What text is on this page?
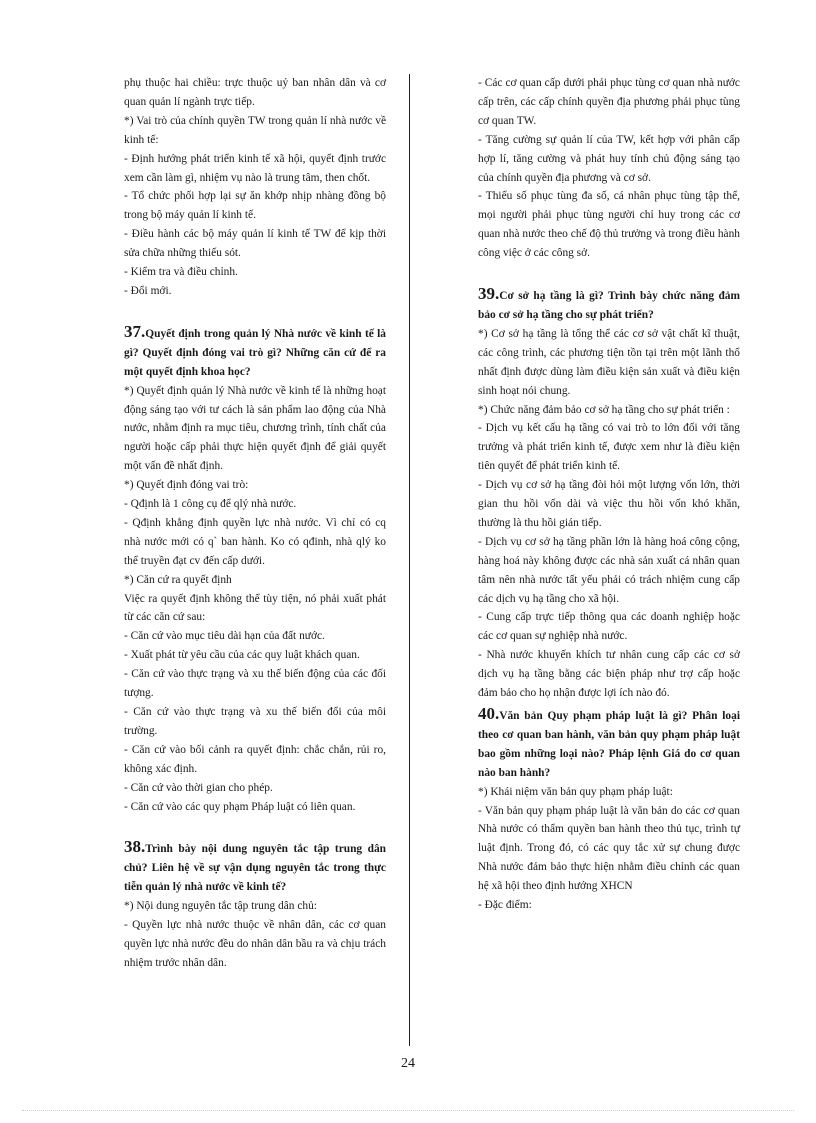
phụ thuộc hai chiều: trực thuộc uỷ ban nhân dân và cơ quan quản lí ngành trực tiếp.

*) Vai trò của chính quyền TW trong quản lí nhà nước về kinh tế:

- Định hướng phát triển kinh tế xã hội, quyết định trước xem cần làm gì, nhiệm vụ nào là trung tâm, then chốt.

- Tổ chức phối hợp lại sự ăn khớp nhịp nhàng đồng bộ trong bộ máy quản lí kinh tế.

- Điều hành các bộ máy quản lí kinh tế TW để kịp thời sửa chữa những thiếu sót.

- Kiểm tra và điều chỉnh.

- Đổi mới.

37.Quyết định trong quản lý Nhà nước về kinh tế là gì? Quyết định đóng vai trò gì? Những căn cứ để ra một quyết định khoa học?

*) Quyết định quản lý Nhà nước về kinh tế là những hoạt động sáng tạo với tư cách là sản phẩm lao động của Nhà nước, nhằm định ra mục tiêu, chương trình, tính chất của người hoặc cấp phải thực hiện quyết định để giải quyết một vấn đề nhất định.

*) Quyết định đóng vai trò:

- Qđịnh là 1 công cụ để qlý nhà nước.

- Qđịnh khẳng định quyền lực nhà nước. Vì chỉ có cq nhà nước mới có q` ban hành. Ko có qđinh, nhà qlý ko thể truyền đạt cv đến cấp dưới.

*) Căn cứ ra quyết định

Việc ra quyết định không thể tùy tiện, nó phải xuất phát từ các căn cứ sau:

- Căn cứ vào mục tiêu dài hạn của đất nước.

- Xuất phát từ yêu cầu của các quy luật khách quan.

- Căn cứ vào thực trạng và xu thế biến động của các đối tượng.

- Căn cứ vào thực trạng và xu thế biến đổi của môi trường.

- Căn cứ vào bối cảnh ra quyết định: chắc chắn, rủi ro, không xác định.

- Căn cứ vào thời gian cho phép.

- Căn cứ vào các quy phạm Pháp luật có liên quan.

38.Trình bày nội dung nguyên tắc tập trung dân chủ? Liên hệ về sự vận dụng nguyên tắc trong thực tiễn quản lý nhà nước về kinh tế?

*) Nội dung nguyên tắc tập trung dân chủ:

- Quyền lực nhà nước thuộc về nhân dân, các cơ quan quyền lực nhà nước đều do nhân dân bầu ra và chịu trách nhiệm trước nhân dân.

- Các cơ quan cấp dưới phải phục tùng cơ quan nhà nước cấp trên, các cấp chính quyền địa phương phải phục tùng cơ quan TW.

- Tăng cường sự quản lí của TW, kết hợp với phân cấp hợp lí, tăng cường và phát huy tính chủ động sáng tạo của chính quyền địa phương và cơ sở.

- Thiểu số phục tùng đa số, cá nhân phục tùng tập thể, mọi người phải phục tùng người chỉ huy trong các cơ quan nhà nước theo chế độ thủ trưởng và trong điều hành công việc ở các công sở.

39.Cơ sở hạ tầng là gì? Trình bày chức năng đảm bảo cơ sở hạ tầng cho sự phát triển?

*) Cơ sở hạ tầng là tổng thể các cơ sở vật chất kĩ thuật, các công trình, các phương tiện tồn tại trên một lãnh thổ nhất định được dùng làm điều kiện sản xuất và điều kiện sinh hoạt nói chung.

*) Chức năng đảm bảo cơ sở hạ tầng cho sự phát triển :

- Dịch vụ kết cấu hạ tầng có vai trò to lớn đối với tăng trưởng và phát triển kinh tế, được xem như là điều kiện tiên quyết để phát triển kinh tế.

- Dịch vụ cơ sở hạ tầng đòi hỏi một lượng vốn lớn, thời gian thu hồi vốn dài và việc thu hồi vốn khó khăn, thường là thu hồi gián tiếp.

- Dịch vụ cơ sở hạ tầng phần lớn là hàng hoá công cộng, hàng hoá này không được các nhà sản xuất cá nhân quan tâm nên nhà nước tất yếu phải có trách nhiệm cung cấp các dịch vụ hạ tầng cho xã hội.

- Cung cấp trực tiếp thông qua các doanh nghiệp hoặc các cơ quan sự nghiệp nhà nước.

- Nhà nước khuyến khích tư nhân cung cấp các cơ sở dịch vụ hạ tầng bằng các biện pháp như trợ cấp hoặc đảm bảo cho họ nhận được lợi ích nào đó.

40.Văn bản Quy phạm pháp luật là gì? Phân loại theo cơ quan ban hành, văn bản quy phạm pháp luật bao gồm những loại nào? Pháp lệnh Giá do cơ quan nào ban hành?

*) Khái niệm văn bản quy phạm pháp luật:

- Văn bản quy phạm pháp luật là văn bản do các cơ quan Nhà nước có thẩm quyền ban hành theo thủ tục, trình tự luật định. Trong đó, có các quy tắc xử sự chung được Nhà nước đảm bảo thực hiện nhằm điều chỉnh các quan hệ xã hội theo định hướng XHCN

- Đặc điểm:

24
